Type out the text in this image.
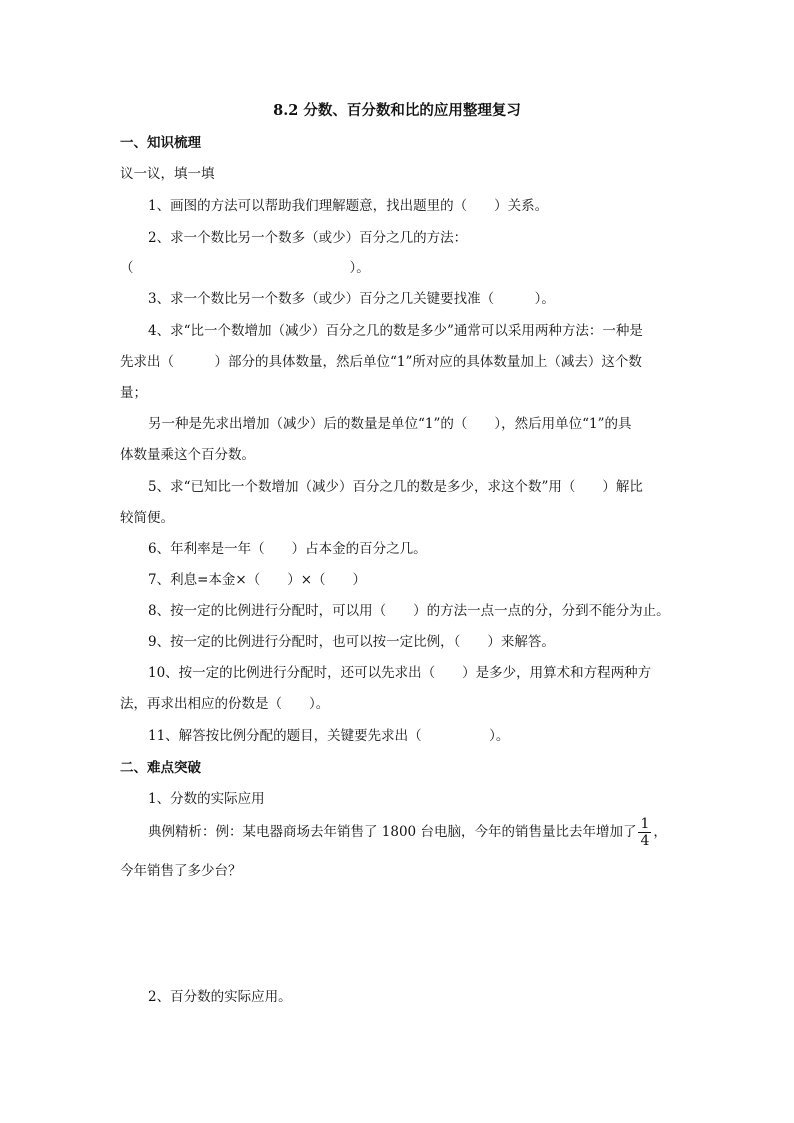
8.2 分数、百分数和比的应用整理复习
一、知识梳理
议一议，填一填
1、画图的方法可以帮助我们理解题意，找出题里的（　　）关系。
2、求一个数比另一个数多（或少）百分之几的方法：
（　　　　　　　　　　　　　　　　）。
3、求一个数比另一个数多（或少）百分之几关键要找准（　　　）。
4、求“比一个数增加（减少）百分之几的数是多少”通常可以采用两种方法：一种是
先求出（　　　）部分的具体数量，然后单位“1”所对应的具体数量加上（减去）这个数
量；
另一种是先求出增加（减少）后的数量是单位“1”的（　　），然后用单位“1”的具
体数量乘这个百分数。
5、求“已知比一个数增加（减少）百分之几的数是多少，求这个数”用（　　）解比
较简便。
6、年利率是一年（　　）占本金的百分之几。
7、利息=本金×（　　）×（　　）
8、按一定的比例进行分配时，可以用（　　）的方法一点一点的分，分到不能分为止。
9、按一定的比例进行分配时，也可以按一定比例，（　　）来解答。
10、按一定的比例进行分配时，还可以先求出（　　）是多少，用算术和方程两种方
法，再求出相应的份数是（　　）。
11、解答按比例分配的题目，关键要先求出（　　　　　）。
二、难点突破
1、分数的实际应用
典例精析：例：某电器商场去年销售了 1800 台电脑，今年的销售量比去年增加了 $\frac{1}{4}$ ，
今年销售了多少台？
2、百分数的实际应用。
